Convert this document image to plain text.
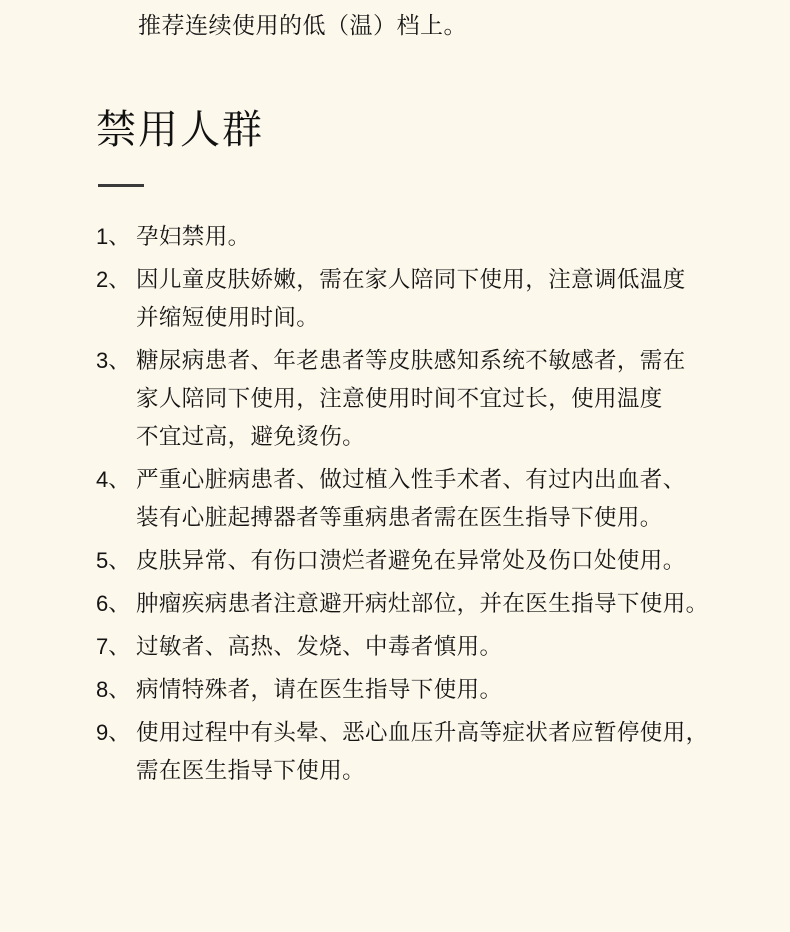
推荐连续使用的低（温）档上。
禁用人群
1、 孕妇禁用。
2、 因儿童皮肤娇嫩，需在家人陪同下使用，注意调低温度
并缩短使用时间。
3、 糖尿病患者、年老患者等皮肤感知系统不敏感者，需在
家人陪同下使用，注意使用时间不宜过长，使用温度
不宜过高，避免烫伤。
4、 严重心脏病患者、做过植入性手术者、有过内出血者、
装有心脏起搏器者等重病患者需在医生指导下使用。
5、 皮肤异常、有伤口溃烂者避免在异常处及伤口处使用。
6、 肿瘤疾病患者注意避开病灶部位，并在医生指导下使用。
7、 过敏者、高热、发烧、中毒者慎用。
8、 病情特殊者，请在医生指导下使用。
9、 使用过程中有头晕、恶心血压升高等症状者应暂停使用，
需在医生指导下使用。
